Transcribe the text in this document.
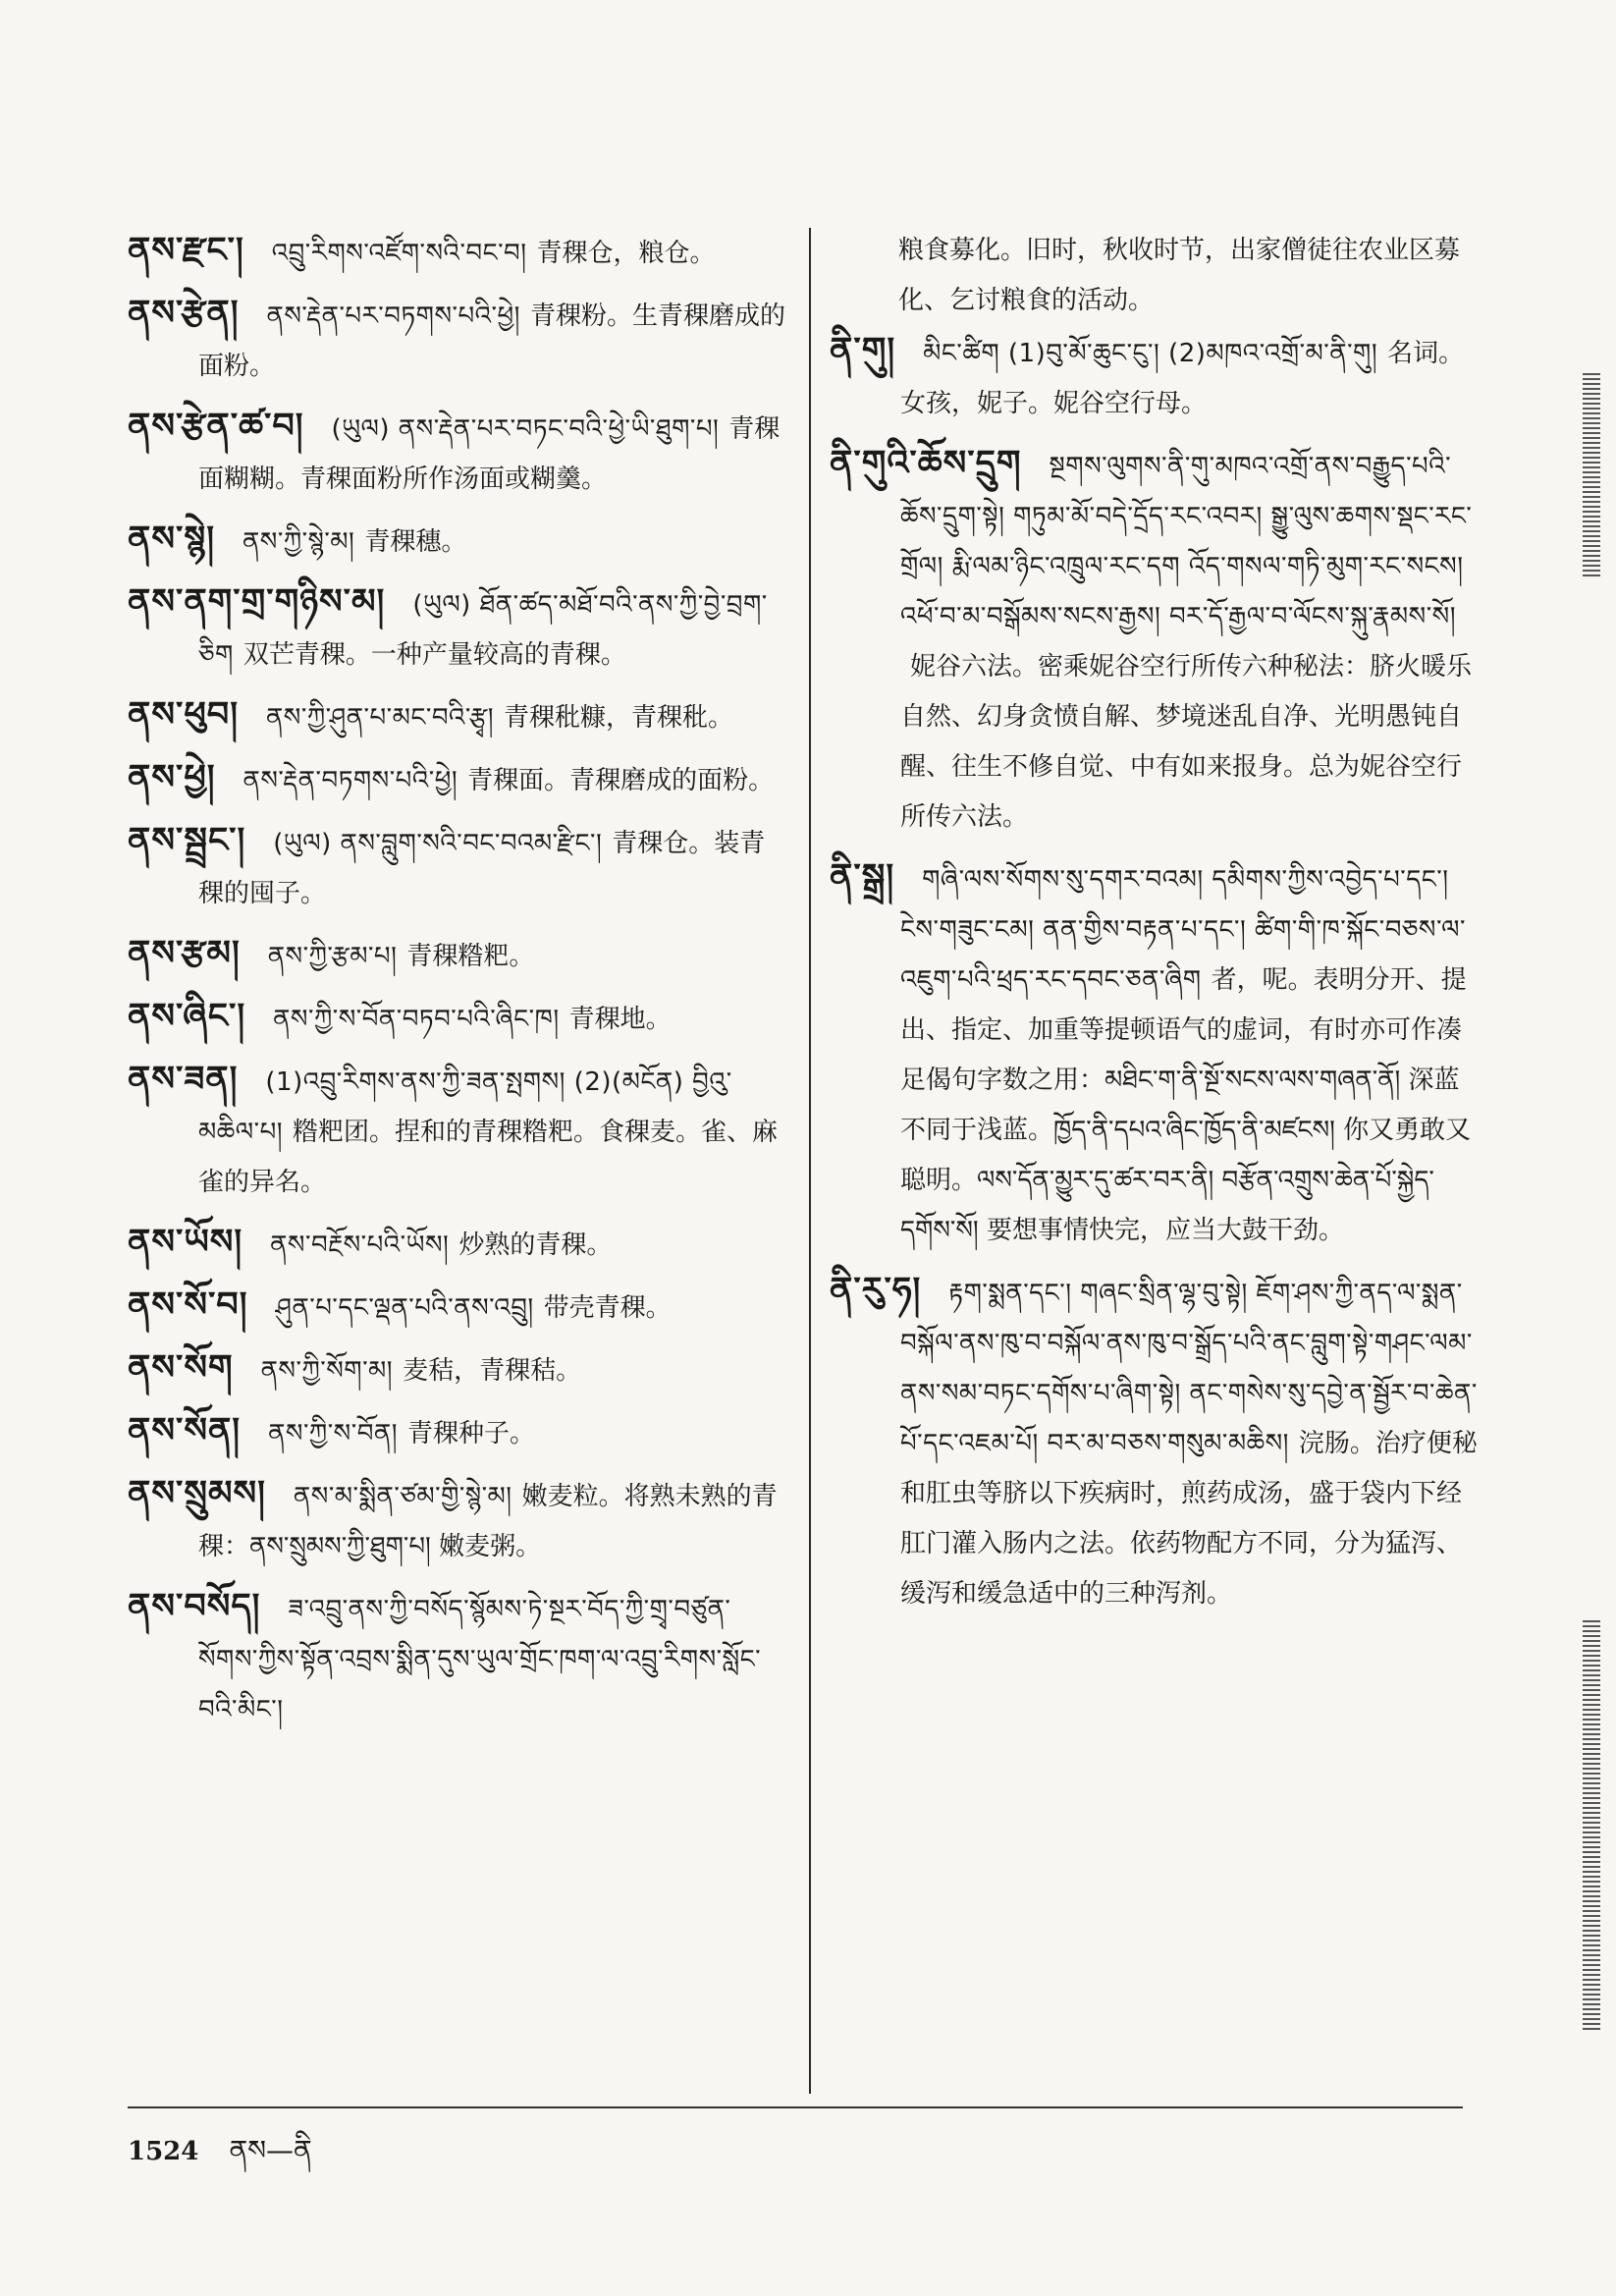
ནས་རྫང་། འབྲུ་རིགས་འཛོག་སའི་བང་བ། 青稞仓，粮仓。

ནས་རྩེན། ནས་རྡེན་པར་བཏགས་པའི་ཕྱེ། 青稞粉。生青稞磨成的面粉。

ནས་རྩེན་ཚ་བ། (ཡུལ) ནས་རྡེན་པར་བཏང་བའི་ཕྱེ་ཡི་ཐུག་པ། 青稞面糊糊。青稞面粉所作汤面或糊羹。

ནས་སྙེ། ནས་ཀྱི་སྙེ་མ། 青稞穗。

ནས་ནག་གྲ་གཉིས་མ། (ཡུལ) ཐོན་ཚད་མཐོ་བའི་ནས་ཀྱི་བྱེ་བྲག་ཅིག 双芒青稞。一种产量较高的青稞。

ནས་ཕུབ། ནས་ཀྱི་ཤུན་པ་མང་བའི་རྩྭ། 青稞秕糠，青稞秕。

ནས་ཕྱེ། ནས་རྡེན་བཏགས་པའི་ཕྱེ། 青稞面。青稞磨成的面粉。

ནས་སྦྲང་། (ཡུལ) ནས་བླུག་སའི་བང་བའམ་རྫིང་། 青稞仓。装青稞的囤子。

ནས་རྩམ། ནས་ཀྱི་རྩམ་པ། 青稞糌粑。

ནས་ཞིང་། ནས་ཀྱི་ས་བོན་བཏབ་པའི་ཞིང་ཁ། 青稞地。

ནས་ཟན། (1)འབྲུ་རིགས་ནས་ཀྱི་ཟན་སྤགས། (2)(མངོན) བྱིའུ་མཆིལ་པ། 糌粑团。捏和的青稞糌粑。食稞麦。雀、麻雀的异名。

ནས་ཡོས། ནས་བརྔོས་པའི་ཡོས། 炒熟的青稞。

ནས་སོ་བ། ཤུན་པ་དང་ལྡན་པའི་ནས་འབྲུ། 带壳青稞。

ནས་སོག ནས་ཀྱི་སོག་མ། 麦秸，青稞秸。

ནས་སོན། ནས་ཀྱི་ས་བོན། 青稞种子。

ནས་སྲུམས། ནས་མ་སྨིན་ཙམ་གྱི་སྙེ་མ། 嫩麦粒。将熟未熟的青稞：ནས་སྲུམས་ཀྱི་ཐུག་པ། 嫩麦粥。

ནས་བསོད། ཟ་འབྲུ་ནས་ཀྱི་བསོད་སྙོམས་ཏེ་སྔར་བོད་ཀྱི་གྲྭ་བཙུན་སོགས་ཀྱིས་སྟོན་འབྲས་སྨིན་དུས་ཡུལ་གྲོང་ཁག་ལ་འབྲུ་རིགས་སློང་བའི་མིང་།

粮食募化。旧时，秋收时节，出家僧徒往农业区募化、乞讨粮食的活动。

ནི་གུ། མིང་ཚིག (1)བུ་མོ་ཆུང་ངུ་། (2)མཁའ་འགྲོ་མ་ནི་གུ། 名词。女孩，妮子。妮谷空行母。

ནི་གུའི་ཆོས་དྲུག སྔགས་ལུགས་ནི་གུ་མཁའ་འགྲོ་ནས་བརྒྱུད་པའི་ཆོས་དྲུག་སྟེ། གཏུམ་མོ་བདེ་དྲོད་རང་འབར། སྒྱུ་ལུས་ཆགས་སྡང་རང་གྲོལ། རྨི་ལམ་ཉིང་འཁྲུལ་རང་དག འོད་གསལ་གཏི་མུག་རང་སངས། འཕོ་བ་མ་བསྒོམས་སངས་རྒྱས། བར་དོ་རྒྱལ་བ་ལོངས་སྐུ་རྣམས་སོ།妮谷六法。密乘妮谷空行所传六种秘法：脐火暖乐自然、幻身贪愤自解、梦境迷乱自净、光明愚钝自醒、往生不修自觉、中有如来报身。总为妮谷空行所传六法。

ནི་སྒྲ། གཞི་ལས་སོགས་སུ་དགར་བའམ། དམིགས་ཀྱིས་འབྱེད་པ་དང་། ངེས་གཟུང་ངམ། ནན་གྱིས་བརྟན་པ་དང་། ཚིག་གི་ཁ་སྐོང་བཅས་ལ་འཇུག་པའི་ཕྲད་རང་དབང་ཅན་ཞིག 者，呢。表明分开、提出、指定、加重等提顿语气的虚词，有时亦可作凑足偈句字数之用：མཐིང་ག་ནི་སྔོ་སངས་ལས་གཞན་ནོ། 深蓝不同于浅蓝。ཁྱོད་ནི་དཔའ་ཞིང་ཁྱོད་ནི་མཛངས། 你又勇敢又聪明。ལས་དོན་མྱུར་དུ་ཚར་བར་ནི། བརྩོན་འགྲུས་ཆེན་པོ་སྐྱེད་དགོས་སོ། 要想事情快完，应当大鼓干劲。

ནི་རུ་ཧ། རྟག་སྨན་དང་། གཞང་སྲིན་ལྷ་བུ་སྟེ། ཇོག་ཤས་ཀྱི་ནད་ལ་སྨན་བསྐོལ་ནས་ཁུ་བ་བསྐོལ་ནས་ཁུ་བ་སྒྲོད་པའི་ནང་བླུག་སྟེ་གཤང་ལམ་ནས་སམ་བཏང་དགོས་པ་ཞིག་སྟེ། ནང་གསེས་སུ་དབྱེ་ན་སྦྱོར་བ་ཆེན་པོ་དང་འཇམ་པོ། བར་མ་བཅས་གསུམ་མཆིས། 浣肠。治疗便秘和肛虫等脐以下疾病时，煎药成汤，盛于袋内下经肛门灌入肠内之法。依药物配方不同，分为猛泻、缓泻和缓急适中的三种泻剂。

1524 ནས—ནི
